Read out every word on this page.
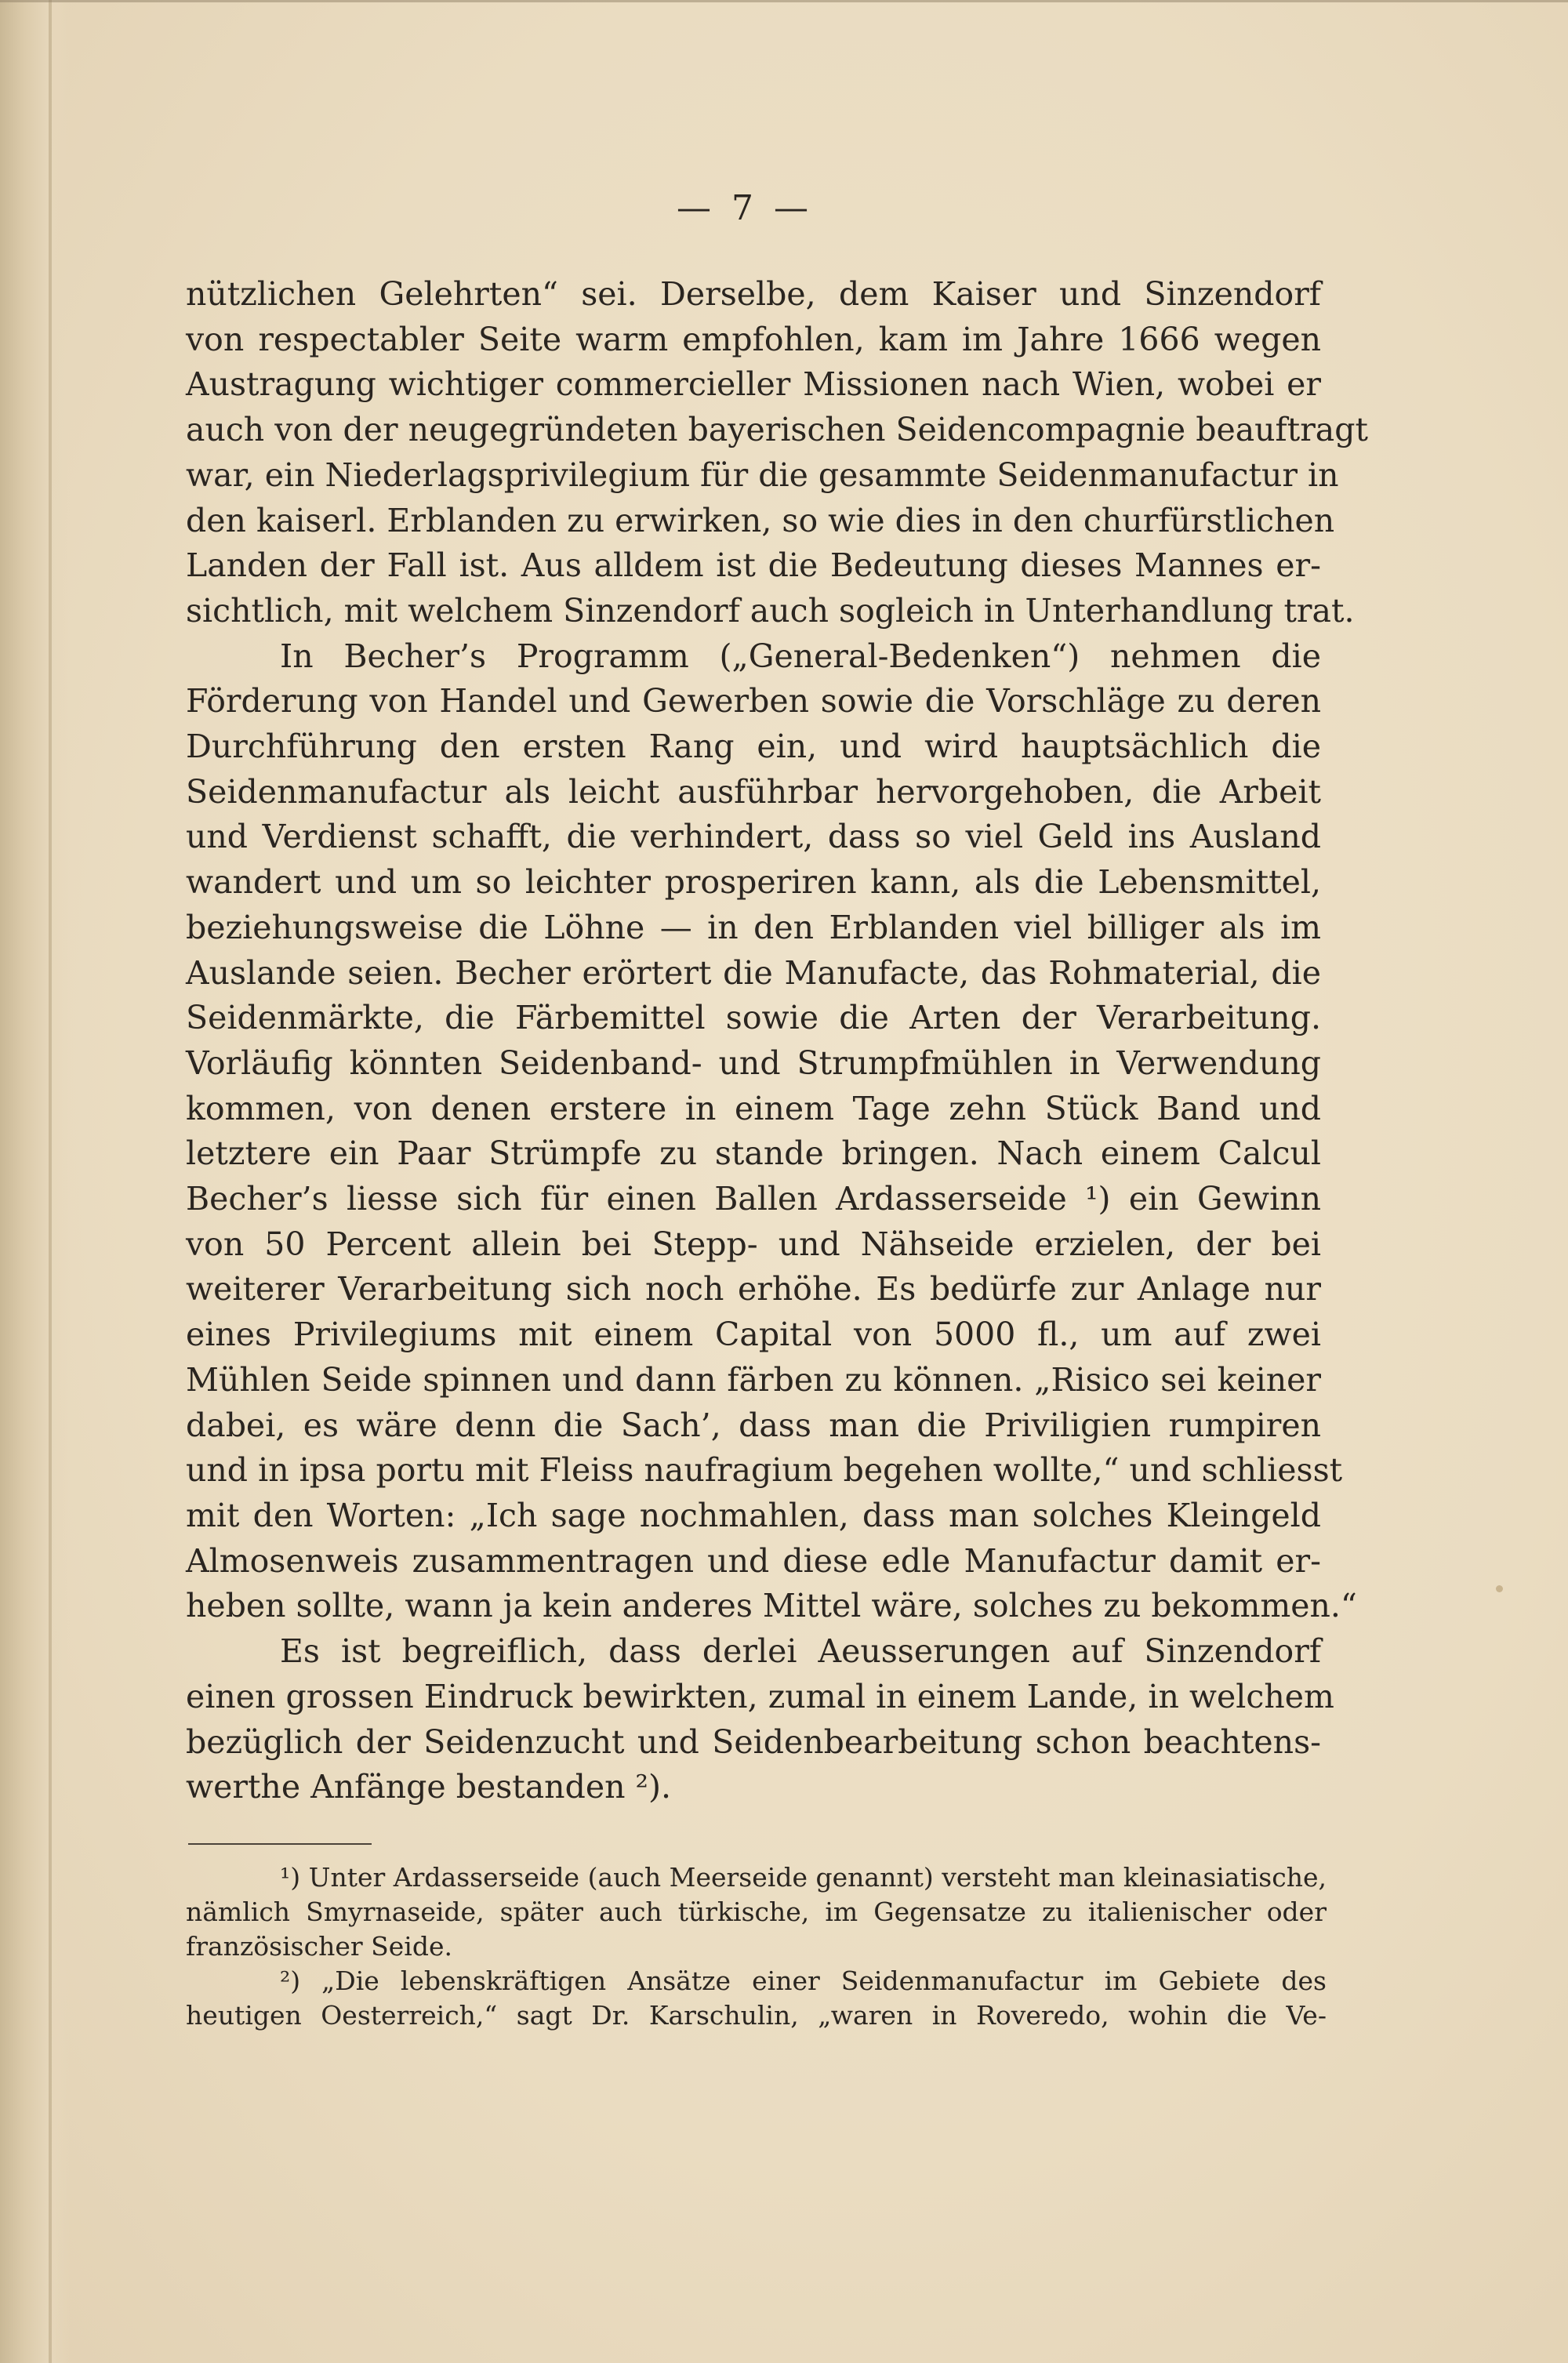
— 7 —
nützlichen Gelehrten“ sei. Derselbe, dem Kaiser und Sinzendorf
von respectabler Seite warm empfohlen, kam im Jahre 1666 wegen
Austragung wichtiger commercieller Missionen nach Wien, wobei er
auch von der neugegründeten bayerischen Seidencompagnie beauftragt
war, ein Niederlagsprivilegium für die gesammte Seidenmanufactur in
den kaiserl. Erblanden zu erwirken, so wie dies in den churfürstlichen
Landen der Fall ist. Aus alldem ist die Bedeutung dieses Mannes er-
sichtlich, mit welchem Sinzendorf auch sogleich in Unterhandlung trat.
In Becher’s Programm („General-Bedenken“) nehmen die
Förderung von Handel und Gewerben sowie die Vorschläge zu deren
Durchführung den ersten Rang ein, und wird hauptsächlich die
Seidenmanufactur als leicht ausführbar hervorgehoben, die Arbeit
und Verdienst schafft, die verhindert, dass so viel Geld ins Ausland
wandert und um so leichter prosperiren kann, als die Lebensmittel,
beziehungsweise die Löhne — in den Erblanden viel billiger als im
Auslande seien. Becher erörtert die Manufacte, das Rohmaterial, die
Seidenmärkte, die Färbemittel sowie die Arten der Verarbeitung.
Vorläufig könnten Seidenband- und Strumpfmühlen in Verwendung
kommen, von denen erstere in einem Tage zehn Stück Band und
letztere ein Paar Strümpfe zu stande bringen. Nach einem Calcul
Becher’s liesse sich für einen Ballen Ardasserseide ¹) ein Gewinn
von 50 Percent allein bei Stepp- und Nähseide erzielen, der bei
weiterer Verarbeitung sich noch erhöhe. Es bedürfe zur Anlage nur
eines Privilegiums mit einem Capital von 5000 fl., um auf zwei
Mühlen Seide spinnen und dann färben zu können. „Risico sei keiner
dabei, es wäre denn die Sach’, dass man die Priviligien rumpiren
und in ipsa portu mit Fleiss naufragium begehen wollte,“ und schliesst
mit den Worten: „Ich sage nochmahlen, dass man solches Kleingeld
Almosenweis zusammentragen und diese edle Manufactur damit er-
heben sollte, wann ja kein anderes Mittel wäre, solches zu bekommen.“
Es ist begreiflich, dass derlei Aeusserungen auf Sinzendorf
einen grossen Eindruck bewirkten, zumal in einem Lande, in welchem
bezüglich der Seidenzucht und Seidenbearbeitung schon beachtens-
werthe Anfänge bestanden ²).
¹) Unter Ardasserseide (auch Meerseide genannt) versteht man kleinasiatische,
nämlich Smyrnaseide, später auch türkische, im Gegensatze zu italienischer oder
französischer Seide.
²) „Die lebenskräftigen Ansätze einer Seidenmanufactur im Gebiete des
heutigen Oesterreich,“ sagt Dr. Karschulin, „waren in Roveredo, wohin die Ve-
